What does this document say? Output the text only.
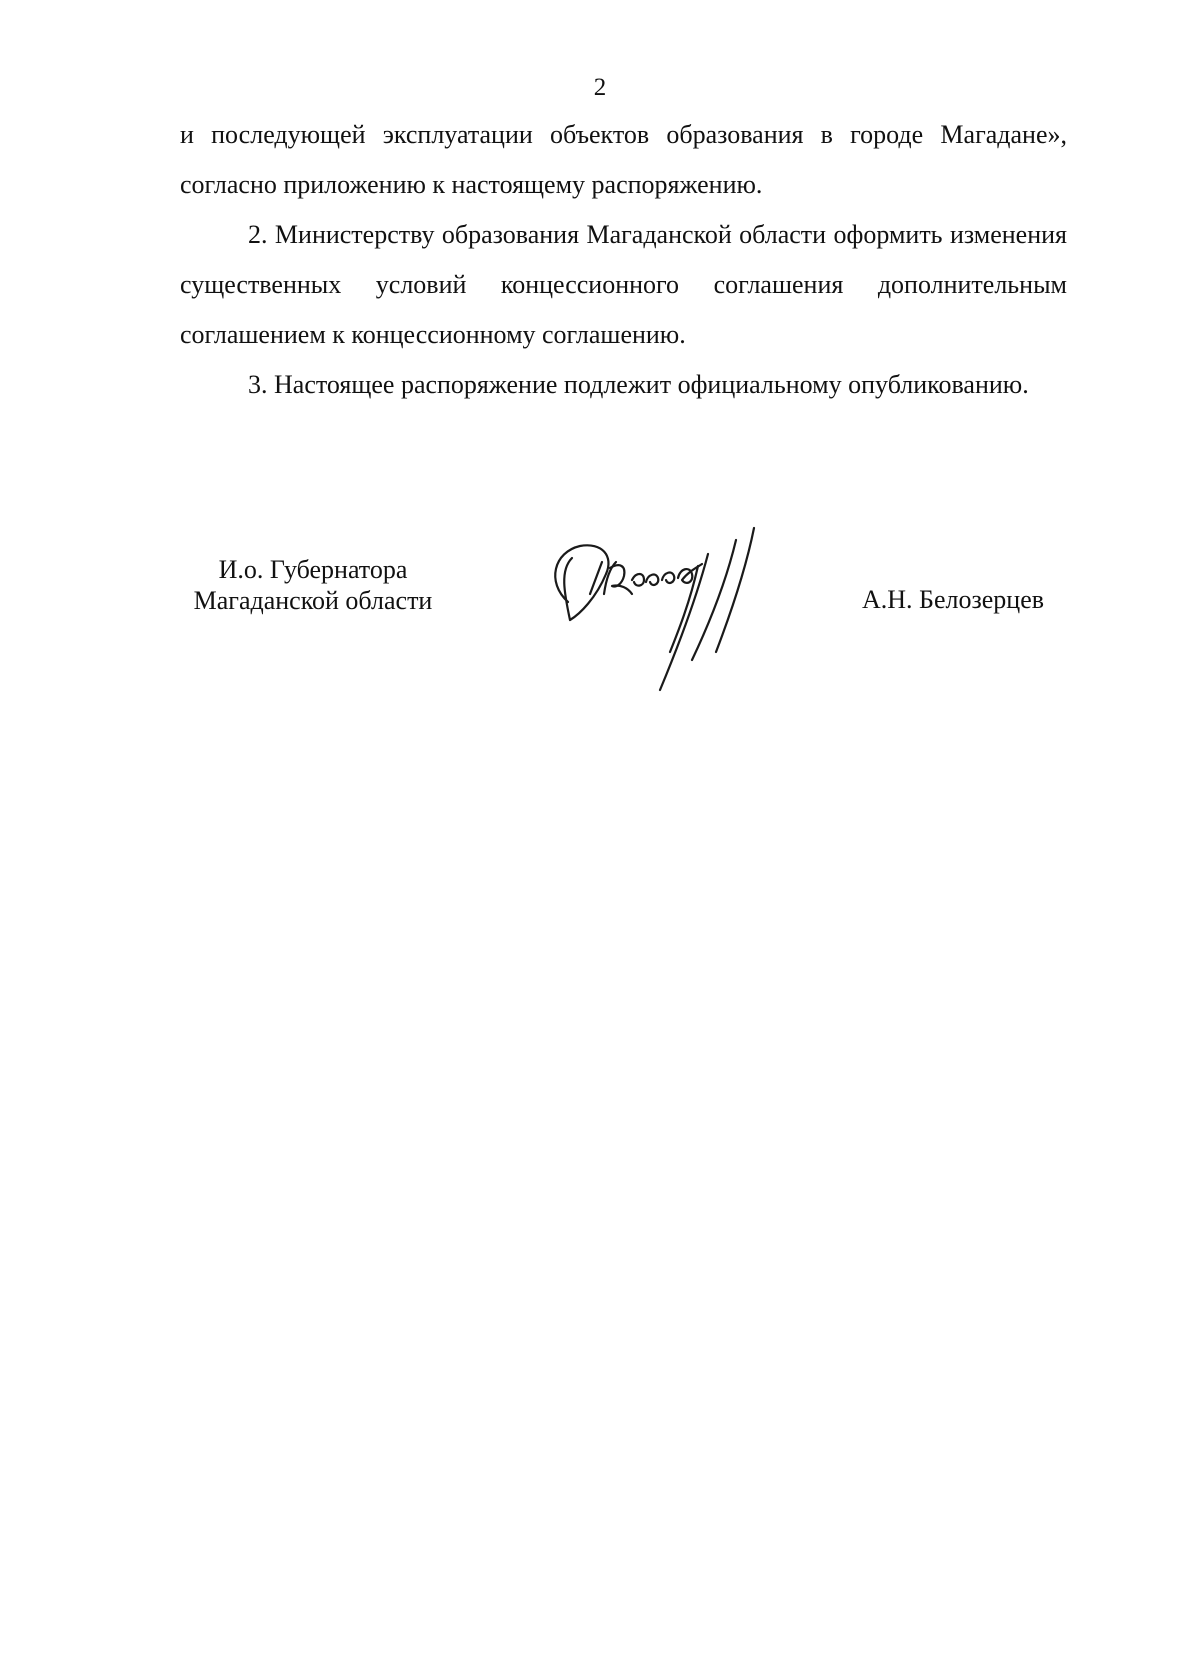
2

и последующей эксплуатации объектов образования в городе Магадане», согласно приложению к настоящему распоряжению.

2. Министерству образования Магаданской области оформить изменения существенных условий концессионного соглашения дополнительным соглашением к концессионному соглашению.

3. Настоящее распоряжение подлежит официальному опубликованию.

И.о. Губернатора
Магаданской области	А.Н. Белозерцев
